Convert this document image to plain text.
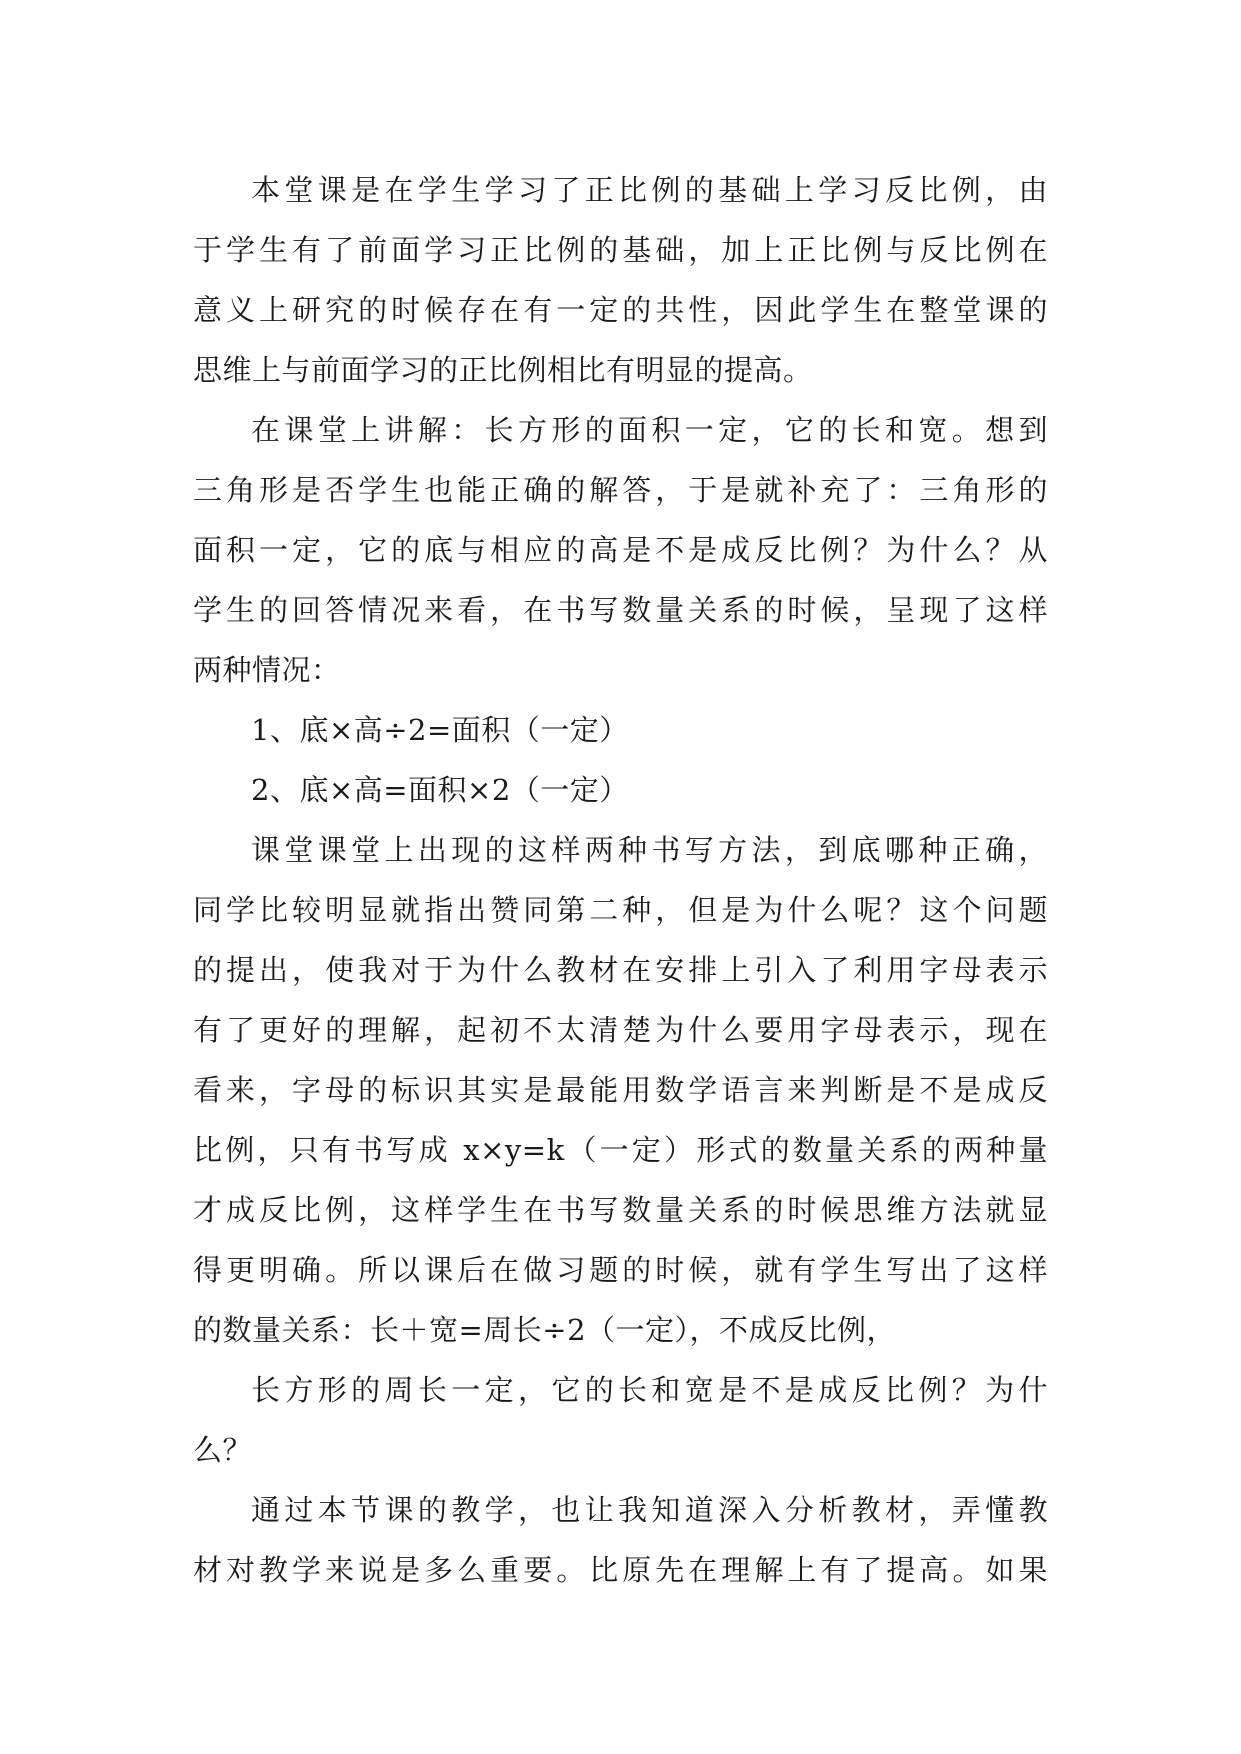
本堂课是在学生学习了正比例的基础上学习反比例，由
于学生有了前面学习正比例的基础，加上正比例与反比例在
意义上研究的时候存在有一定的共性，因此学生在整堂课的
思维上与前面学习的正比例相比有明显的提高。
在课堂上讲解：长方形的面积一定，它的长和宽。想到
三角形是否学生也能正确的解答，于是就补充了：三角形的
面积一定，它的底与相应的高是不是成反比例？为什么？从
学生的回答情况来看，在书写数量关系的时候，呈现了这样
两种情况：
1、底×高÷2=面积（一定）
2、底×高=面积×2（一定）
课堂课堂上出现的这样两种书写方法，到底哪种正确，
同学比较明显就指出赞同第二种，但是为什么呢？这个问题
的提出，使我对于为什么教材在安排上引入了利用字母表示
有了更好的理解，起初不太清楚为什么要用字母表示，现在
看来，字母的标识其实是最能用数学语言来判断是不是成反
比例，只有书写成 x×y=k（一定）形式的数量关系的两种量
才成反比例，这样学生在书写数量关系的时候思维方法就显
得更明确。所以课后在做习题的时候，就有学生写出了这样
的数量关系：长＋宽=周长÷2（一定），不成反比例，
长方形的周长一定，它的长和宽是不是成反比例？为什
么？
通过本节课的教学，也让我知道深入分析教材，弄懂教
材对教学来说是多么重要。比原先在理解上有了提高。如果
